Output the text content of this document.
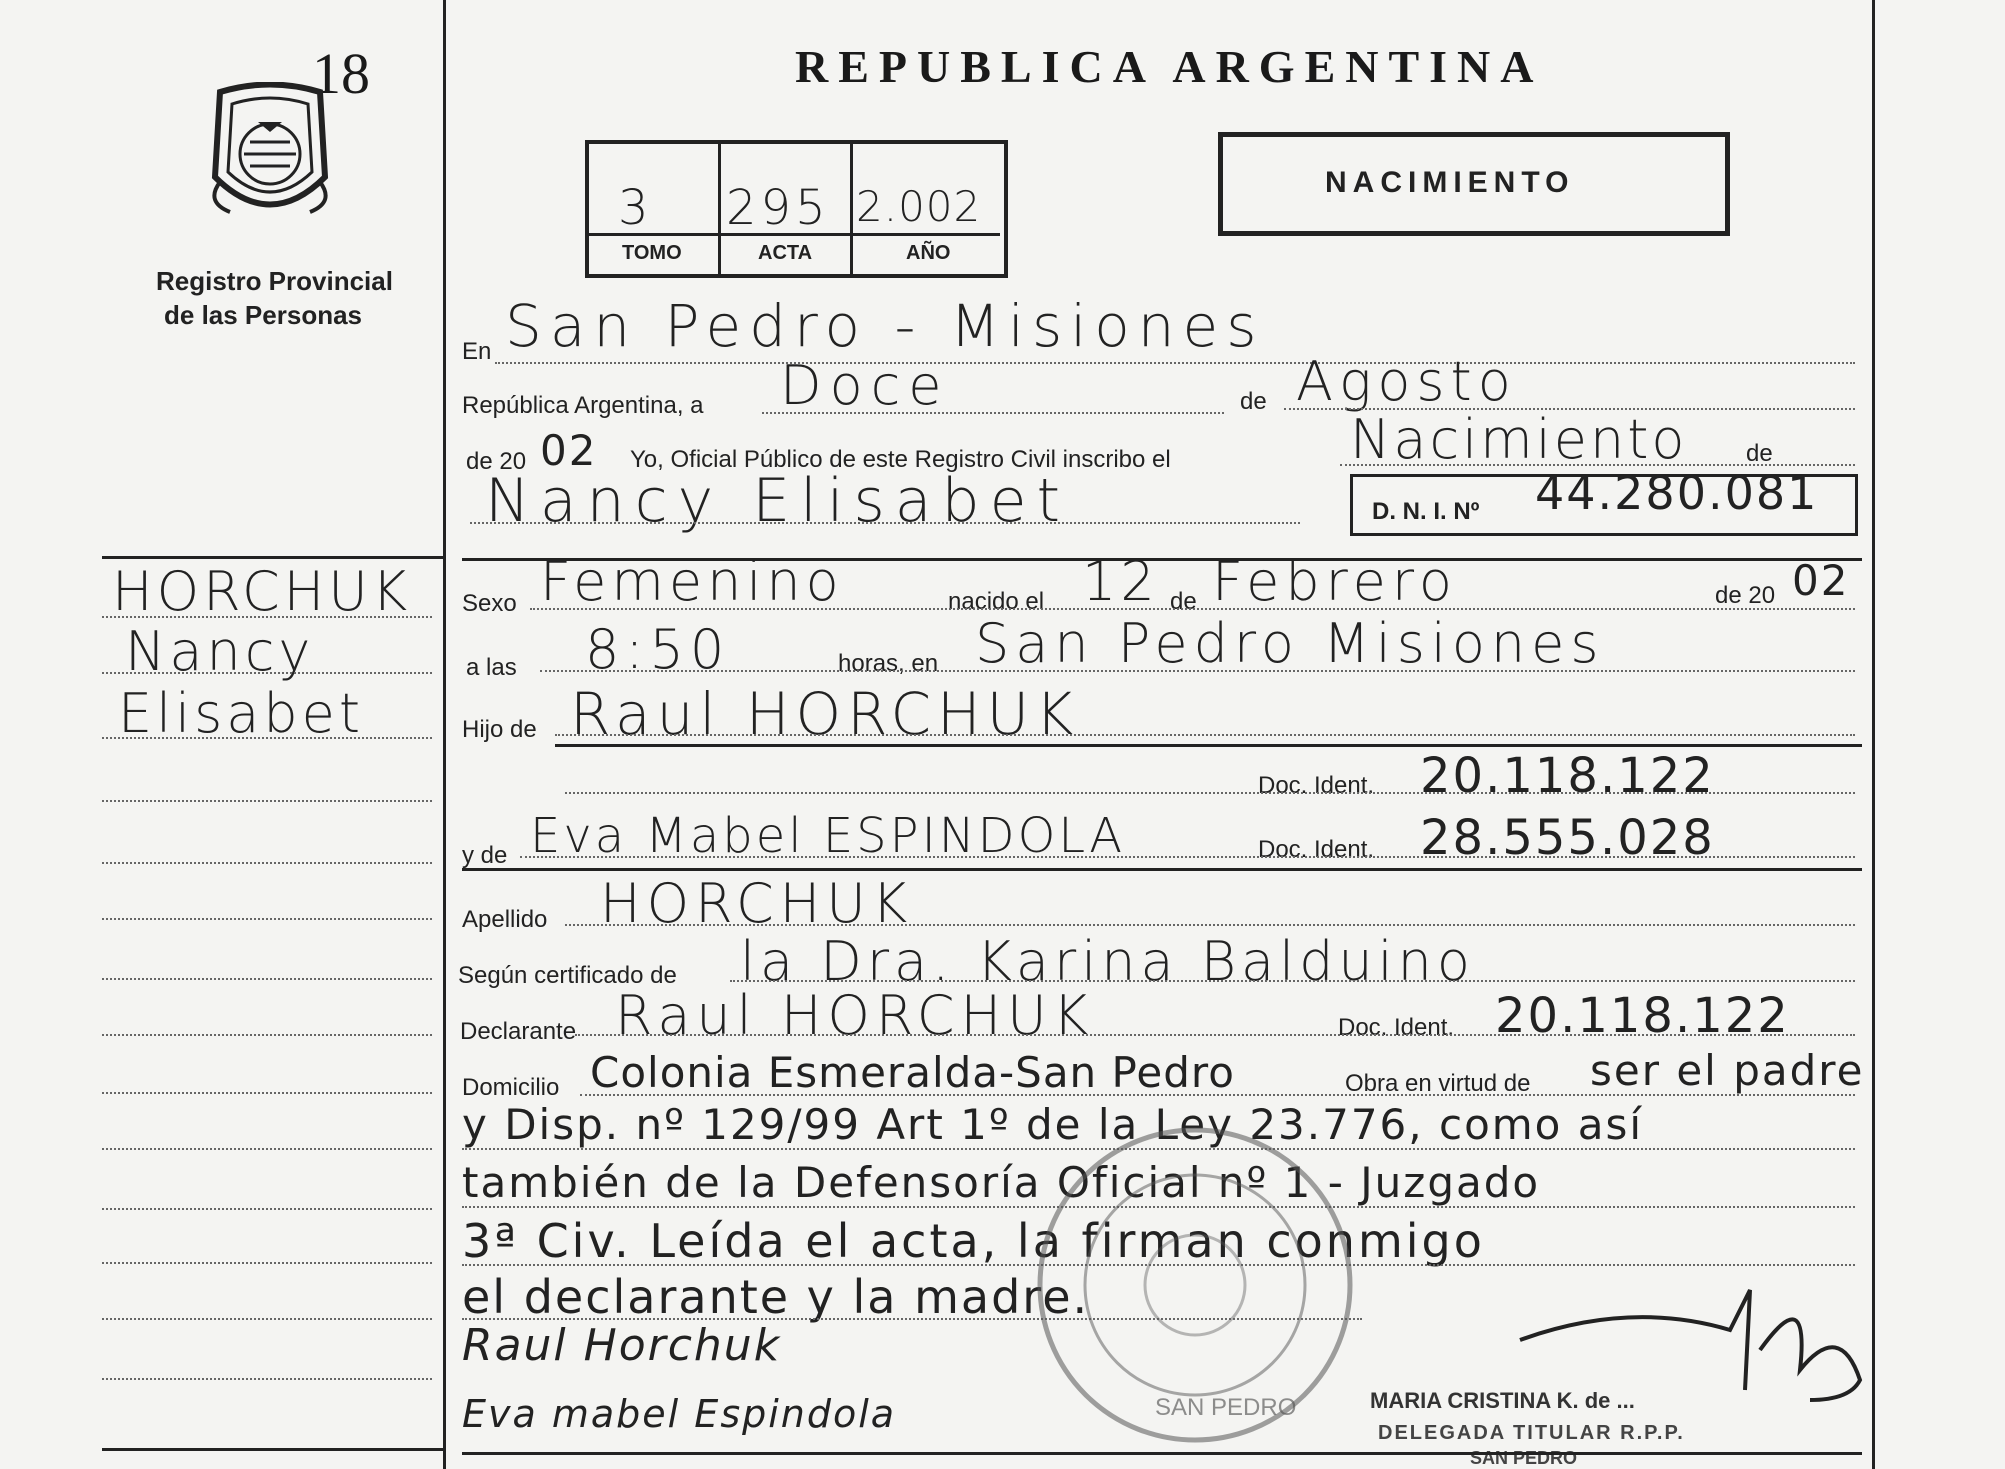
18
Registro Provincial
de las Personas
REPUBLICA ARGENTINA
3 295 2.002
TOMO	ACTA	AÑO
NACIMIENTO
HORCHUK
Nancy
Elisabet
En San Pedro - Misiones
República Argentina, a Doce	de Agosto
de 20 02 Yo, Oficial Público de este Registro Civil inscribo el	Nacimiento de
Nancy Elisabet	D. N. I. Nº 44.280.081
Sexo Femenino	nacido el 12 de Febrero	de 20 02
a las 8:50	horas, en San Pedro Misiones
Hijo de Raul HORCHUK
Doc. Ident. 20.118.122
y de Eva Mabel ESPINDOLA	Doc. Ident. 28.555.028
Apellido HORCHUK
Según certificado de la Dra. Karina Balduino
Declarante Raul HORCHUK	Doc. Ident. 20.118.122
Domicilio Colonia Esmeralda-San Pedro	Obra en virtud de ser el padre
y Disp. nº 129/99 Art 1º de la Ley 23.776, como así
también de la Defensoría Oficial nº 1 - Juzgado
3ª Civ. Leída el acta, la firman conmigo
el declarante y la madre.
SAN PEDRO
Raul Horchuk
Eva mabel Espindola	MARIA CRISTINA K. de ...
DELEGADA TITULAR R.P.P.
SAN PEDRO
